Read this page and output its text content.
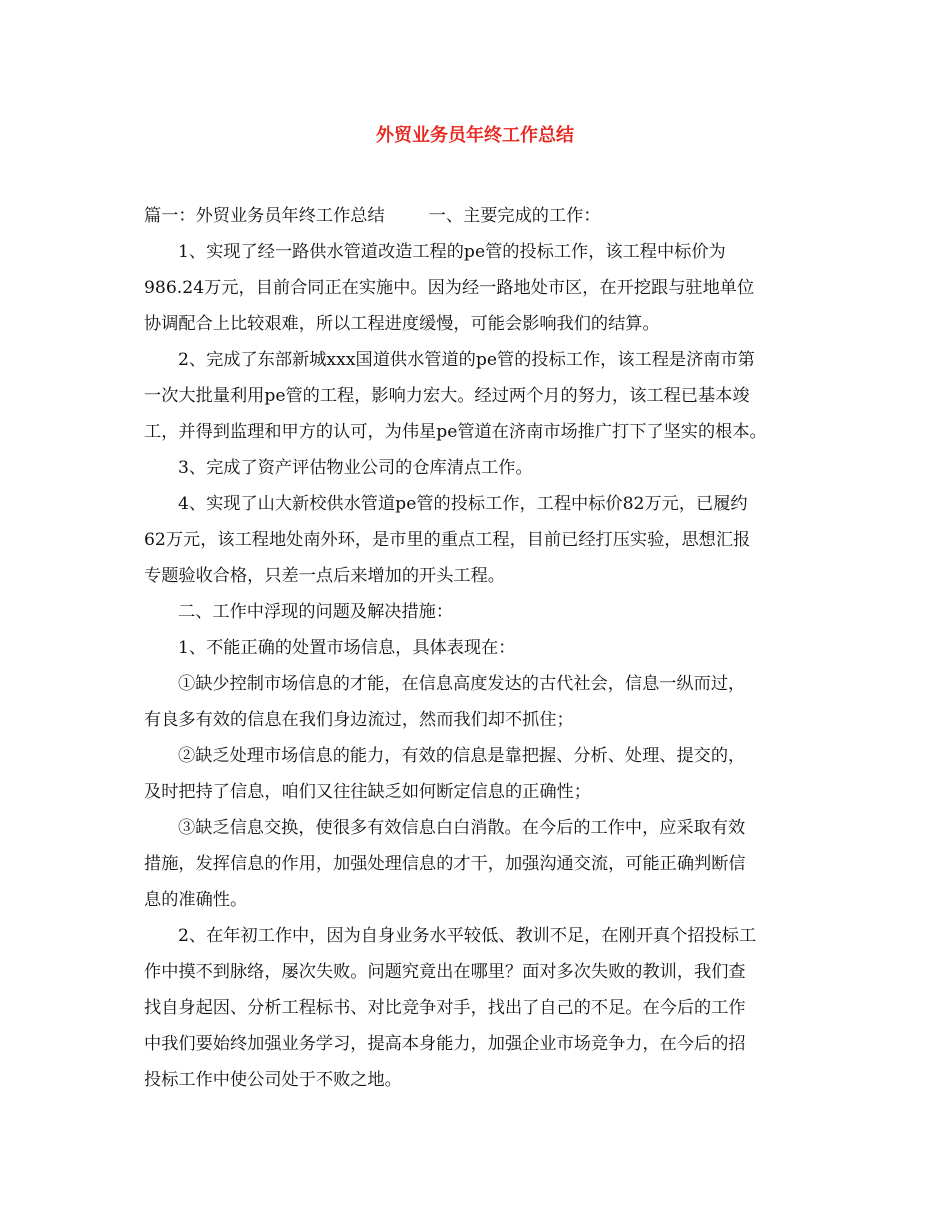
外贸业务员年终工作总结
篇一：外贸业务员年终工作总结	一、主要完成的工作：
1、实现了经一路供水管道改造工程的pe管的投标工作，该工程中标价为
986.24万元，目前合同正在实施中。因为经一路地处市区，在开挖跟与驻地单位
协调配合上比较艰难，所以工程进度缓慢，可能会影响我们的结算。
2、完成了东部新城xxx国道供水管道的pe管的投标工作，该工程是济南市第
一次大批量利用pe管的工程，影响力宏大。经过两个月的努力，该工程已基本竣
工，并得到监理和甲方的认可，为伟星pe管道在济南市场推广打下了坚实的根本。
3、完成了资产评估物业公司的仓库清点工作。
4、实现了山大新校供水管道pe管的投标工作，工程中标价82万元，已履约
62万元，该工程地处南外环，是市里的重点工程，目前已经打压实验，思想汇报
专题验收合格，只差一点后来增加的开头工程。
二、工作中浮现的问题及解决措施：
1、不能正确的处置市场信息，具体表现在：
①缺少控制市场信息的才能，在信息高度发达的古代社会，信息一纵而过，
有良多有效的信息在我们身边流过，然而我们却不抓住；
②缺乏处理市场信息的能力，有效的信息是靠把握、分析、处理、提交的，
及时把持了信息，咱们又往往缺乏如何断定信息的正确性；
③缺乏信息交换，使很多有效信息白白消散。在今后的工作中，应采取有效
措施，发挥信息的作用，加强处理信息的才干，加强沟通交流，可能正确判断信
息的准确性。
2、在年初工作中，因为自身业务水平较低、教训不足，在刚开真个招投标工
作中摸不到脉络，屡次失败。问题究竟出在哪里？面对多次失败的教训，我们查
找自身起因、分析工程标书、对比竞争对手，找出了自己的不足。在今后的工作
中我们要始终加强业务学习，提高本身能力，加强企业市场竞争力，在今后的招
投标工作中使公司处于不败之地。
